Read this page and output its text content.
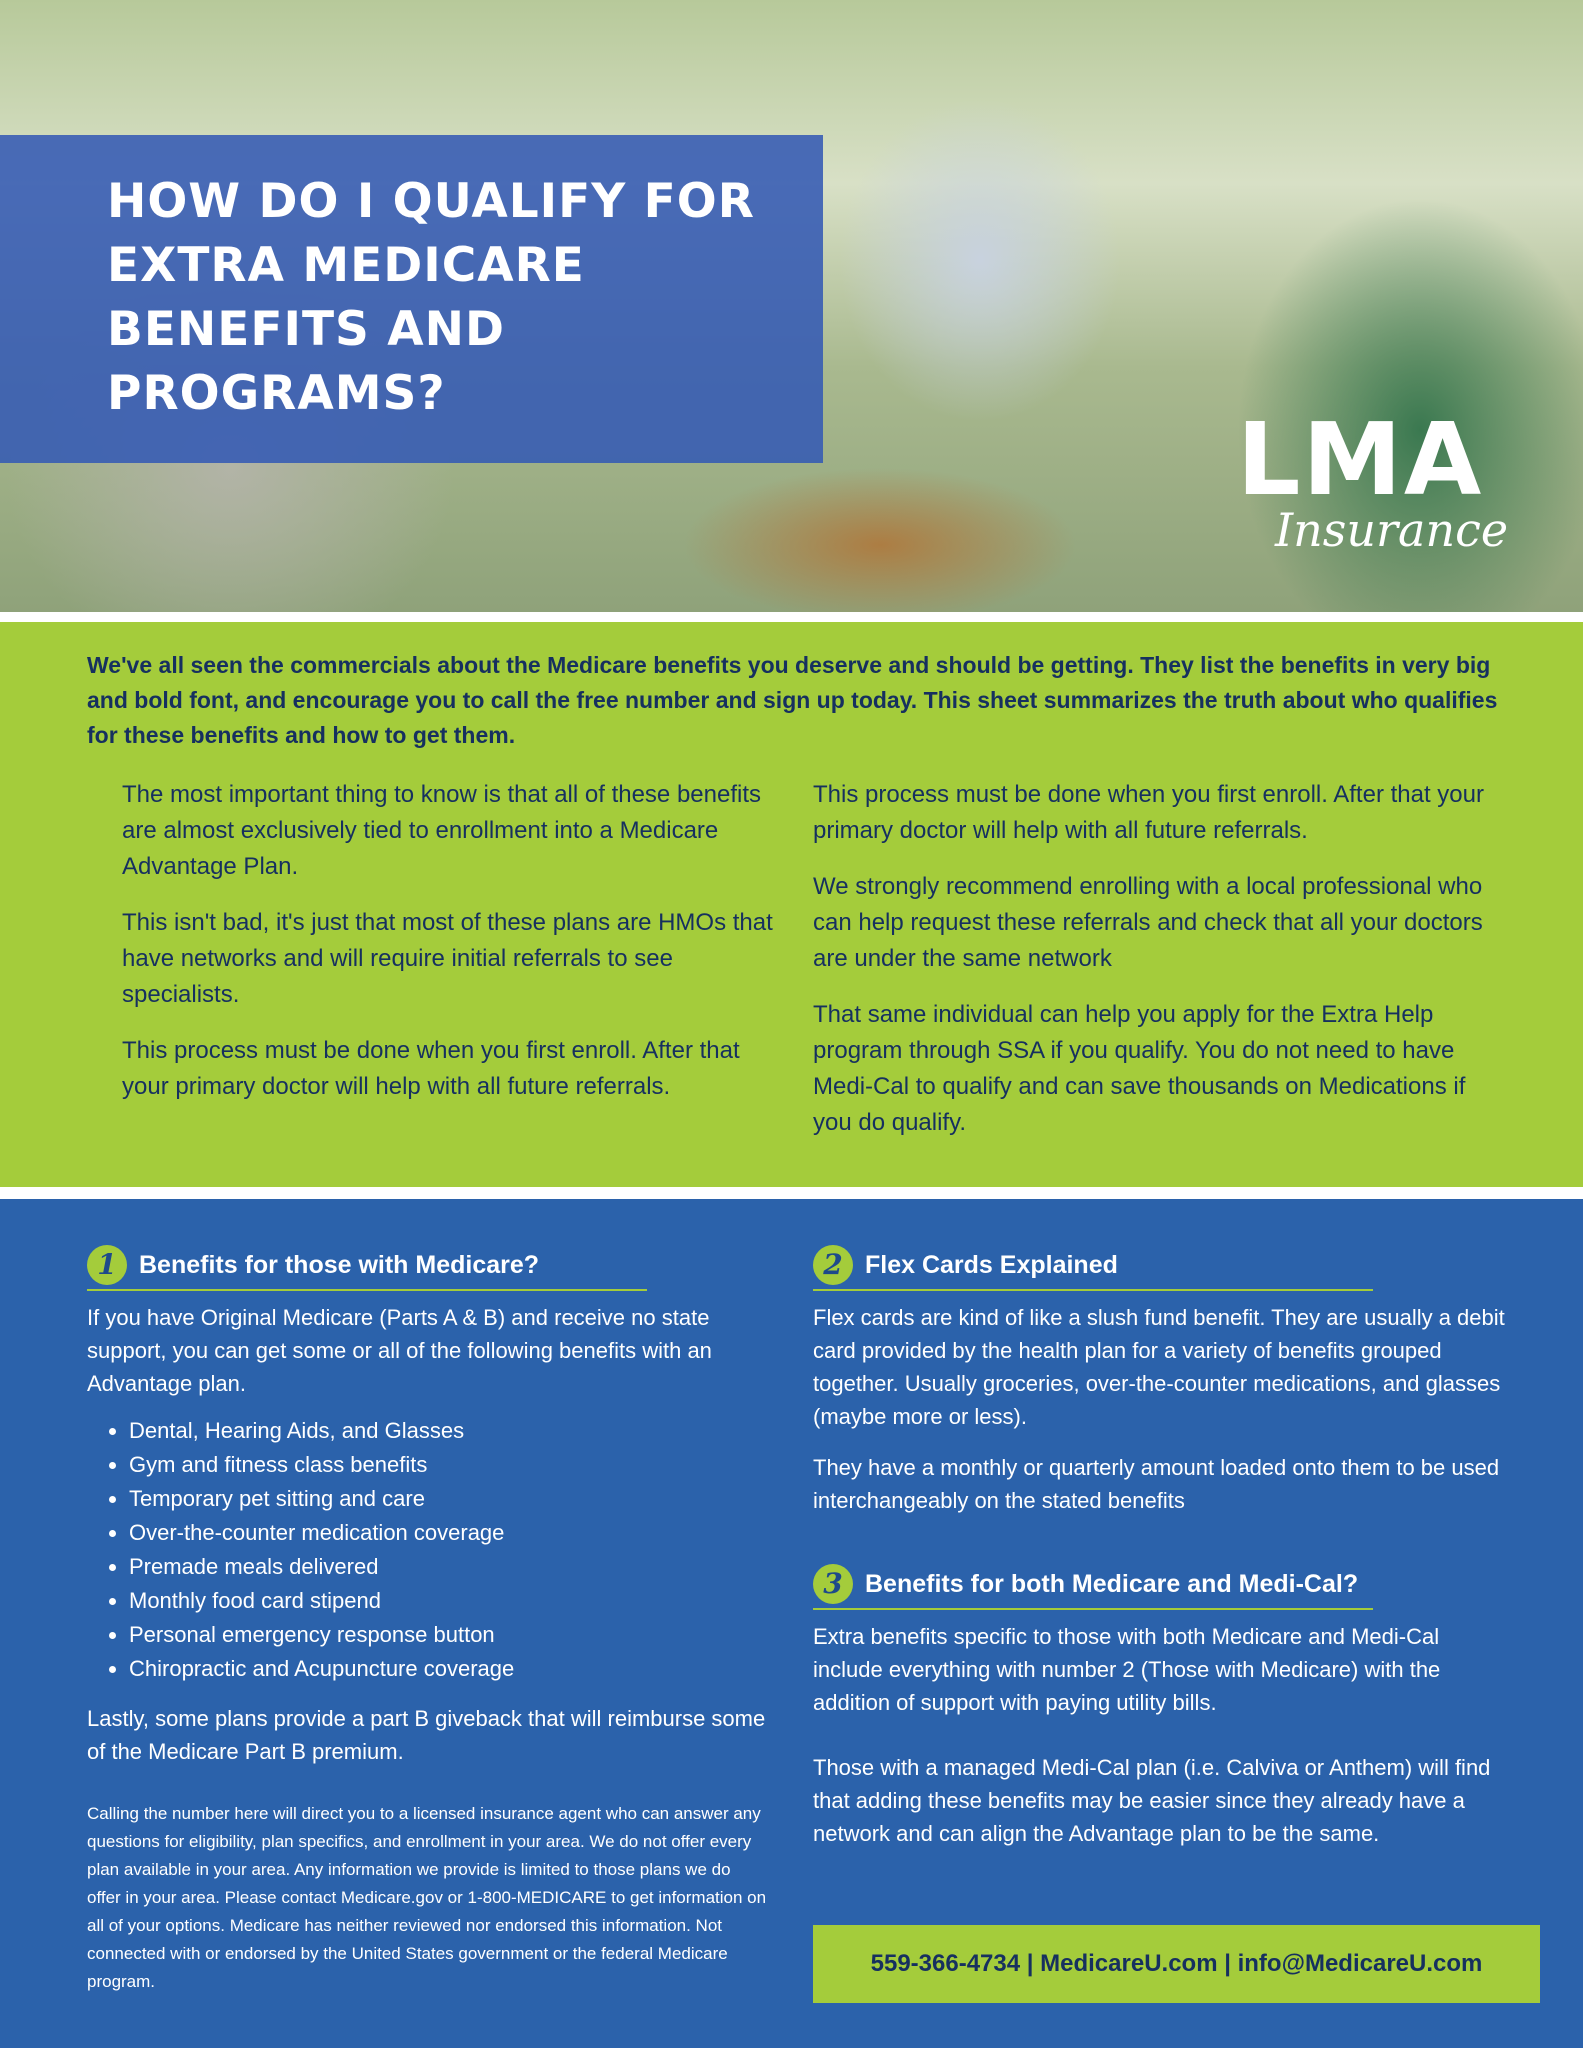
HOW DO I QUALIFY FOR EXTRA MEDICARE BENEFITS AND PROGRAMS?
LMA
Insurance

We've all seen the commercials about the Medicare benefits you deserve and should be getting. They list the benefits in very big and bold font, and encourage you to call the free number and sign up today. This sheet summarizes the truth about who qualifies for these benefits and how to get them.

The most important thing to know is that all of these benefits are almost exclusively tied to enrollment into a Medicare Advantage Plan.

This isn't bad, it's just that most of these plans are HMOs that have networks and will require initial referrals to see specialists.

This process must be done when you first enroll. After that your primary doctor will help with all future referrals.

This process must be done when you first enroll. After that your primary doctor will help with all future referrals.

We strongly recommend enrolling with a local professional who can help request these referrals and check that all your doctors are under the same network

That same individual can help you apply for the Extra Help program through SSA if you qualify. You do not need to have Medi-Cal to qualify and can save thousands on Medications if you do qualify.

1 Benefits for those with Medicare?

If you have Original Medicare (Parts A & B) and receive no state support, you can get some or all of the following benefits with an Advantage plan.

• Dental, Hearing Aids, and Glasses
• Gym and fitness class benefits
• Temporary pet sitting and care
• Over-the-counter medication coverage
• Premade meals delivered
• Monthly food card stipend
• Personal emergency response button
• Chiropractic and Acupuncture coverage

Lastly, some plans provide a part B giveback that will reimburse some of the Medicare Part B premium.

2 Flex Cards Explained

Flex cards are kind of like a slush fund benefit. They are usually a debit card provided by the health plan for a variety of benefits grouped together. Usually groceries, over-the-counter medications, and glasses (maybe more or less).

They have a monthly or quarterly amount loaded onto them to be used interchangeably on the stated benefits

3 Benefits for both Medicare and Medi-Cal?

Extra benefits specific to those with both Medicare and Medi-Cal include everything with number 2 (Those with Medicare) with the addition of support with paying utility bills.

Those with a managed Medi-Cal plan (i.e. Calviva or Anthem) will find that adding these benefits may be easier since they already have a network and can align the Advantage plan to be the same.

Calling the number here will direct you to a licensed insurance agent who can answer any questions for eligibility, plan specifics, and enrollment in your area. We do not offer every plan available in your area. Any information we provide is limited to those plans we do offer in your area. Please contact Medicare.gov or 1-800-MEDICARE to get information on all of your options. Medicare has neither reviewed nor endorsed this information. Not connected with or endorsed by the United States government or the federal Medicare program.

559-366-4734 | MedicareU.com | info@MedicareU.com
